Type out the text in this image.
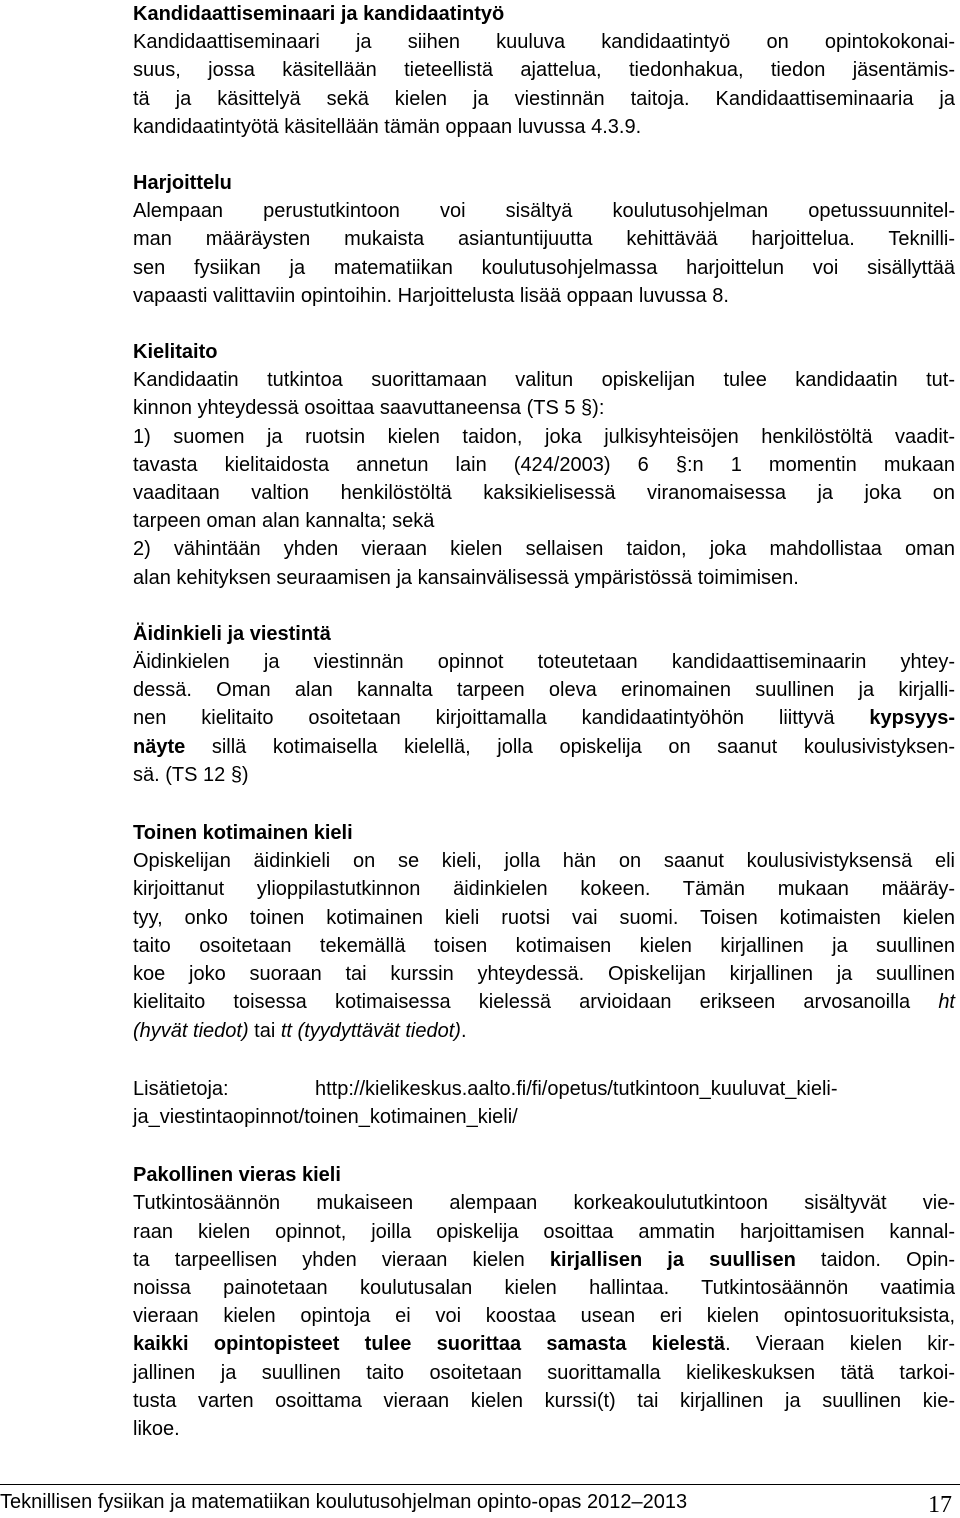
Kandidaattiseminaari ja kandidaatintyö
Kandidaattiseminaari ja siihen kuuluva kandidaatintyö on opintokokonai-
suus, jossa käsitellään tieteellistä ajattelua, tiedonhakua, tiedon jäsentämis-
tä ja käsittelyä sekä kielen ja viestinnän taitoja. Kandidaattiseminaaria ja
kandidaatintyötä käsitellään tämän oppaan luvussa 4.3.9.
Harjoittelu
Alempaan perustutkintoon voi sisältyä koulutusohjelman opetussuunnitel-
man määräysten mukaista asiantuntijuutta kehittävää harjoittelua. Teknilli-
sen fysiikan ja matematiikan koulutusohjelmassa harjoittelun voi sisällyttää
vapaasti valittaviin opintoihin. Harjoittelusta lisää oppaan luvussa 8.
Kielitaito
Kandidaatin tutkintoa suorittamaan valitun opiskelijan tulee kandidaatin tut-
kinnon yhteydessä osoittaa saavuttaneensa (TS 5 §):
1) suomen ja ruotsin kielen taidon, joka julkisyhteisöjen henkilöstöltä vaadit-
tavasta kielitaidosta annetun lain (424/2003) 6 §:n 1 momentin mukaan
vaaditaan valtion henkilöstöltä kaksikielisessä viranomaisessa ja joka on
tarpeen oman alan kannalta; sekä
2) vähintään yhden vieraan kielen sellaisen taidon, joka mahdollistaa oman
alan kehityksen seuraamisen ja kansainvälisessä ympäristössä toimimisen.
Äidinkieli ja viestintä
Äidinkielen ja viestinnän opinnot toteutetaan kandidaattiseminaarin yhtey-
dessä. Oman alan kannalta tarpeen oleva erinomainen suullinen ja kirjalli-
nen kielitaito osoitetaan kirjoittamalla kandidaatintyöhön liittyvä kypsyys-
näyte sillä kotimaisella kielellä, jolla opiskelija on saanut koulusivistyksen-
sä. (TS 12 §)
Toinen kotimainen kieli
Opiskelijan äidinkieli on se kieli, jolla hän on saanut koulusivistyksensä eli
kirjoittanut ylioppilastutkinnon äidinkielen kokeen. Tämän mukaan määräy-
tyy, onko toinen kotimainen kieli ruotsi vai suomi. Toisen kotimaisten kielen
taito osoitetaan tekemällä toisen kotimaisen kielen kirjallinen ja suullinen
koe joko suoraan tai kurssin yhteydessä. Opiskelijan kirjallinen ja suullinen
kielitaito toisessa kotimaisessa kielessä arvioidaan erikseen arvosanoilla ht
(hyvät tiedot) tai tt (tyydyttävät tiedot).
Lisätietoja:	http://kielikeskus.aalto.fi/fi/opetus/tutkintoon_kuuluvat_kieli-
ja_viestintaopinnot/toinen_kotimainen_kieli/
Pakollinen vieras kieli
Tutkintosäännön mukaiseen alempaan korkeakoulututkintoon sisältyvät vie-
raan kielen opinnot, joilla opiskelija osoittaa ammatin harjoittamisen kannal-
ta tarpeellisen yhden vieraan kielen kirjallisen ja suullisen taidon. Opin-
noissa painotetaan koulutusalan kielen hallintaa. Tutkintosäännön vaatimia
vieraan kielen opintoja ei voi koostaa usean eri kielen opintosuorituksista,
kaikki opintopisteet tulee suorittaa samasta kielestä. Vieraan kielen kir-
jallinen ja suullinen taito osoitetaan suorittamalla kielikeskuksen tätä tarkoi-
tusta varten osoittama vieraan kielen kurssi(t) tai kirjallinen ja suullinen kie-
likoe.
Teknillisen fysiikan ja matematiikan koulutusohjelman opinto-opas 2012–2013	17
